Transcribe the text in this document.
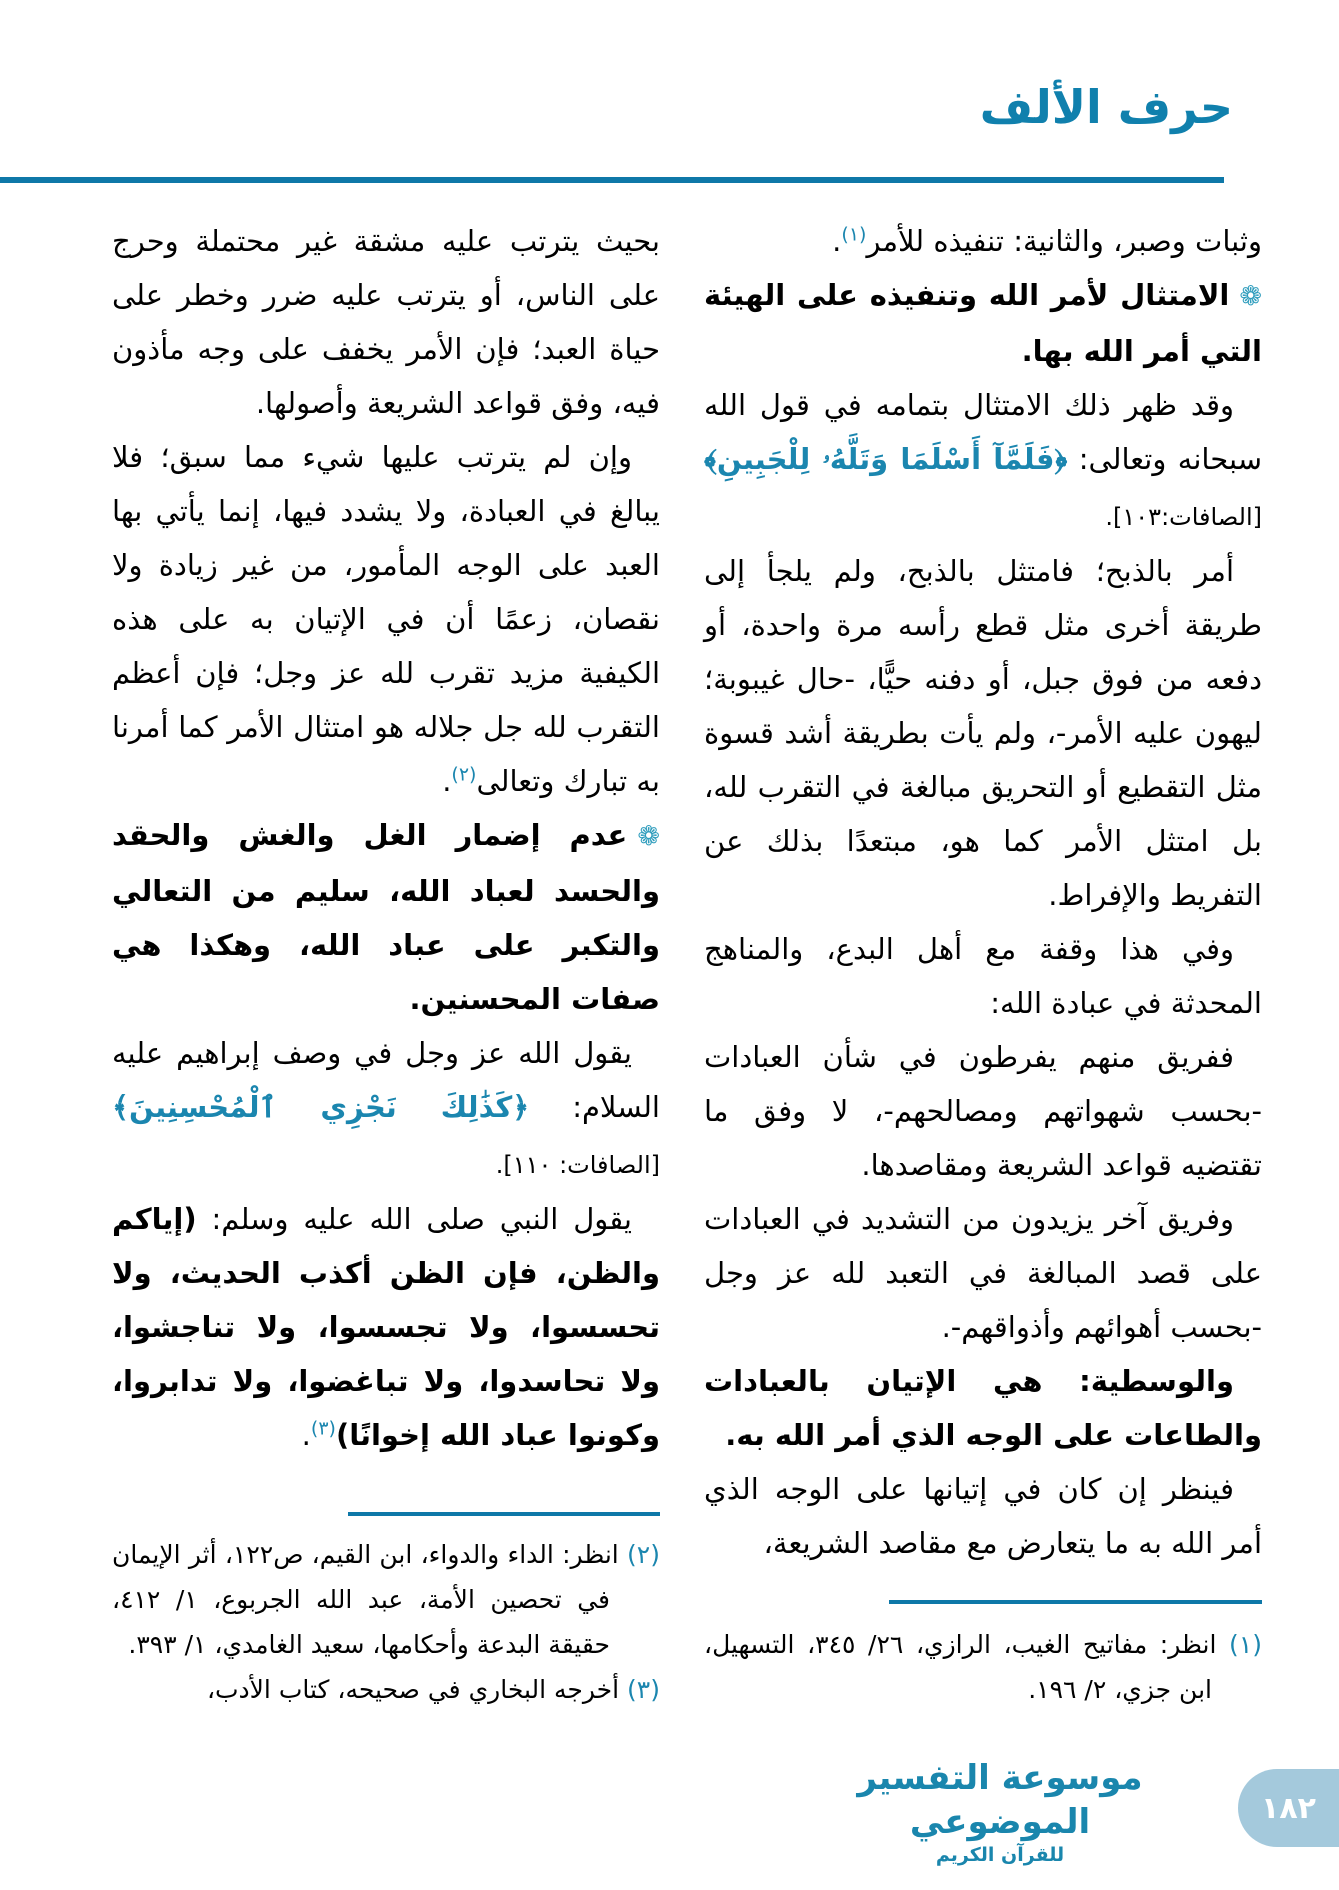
حرف الألف

وثبات وصبر، والثانية: تنفيذه للأمر$^{(١)}$.

❁الامتثال لأمر الله وتنفيذه على الهيئة التي أمر الله بها.

وقد ظهر ذلك الامتثال بتمامه في قول الله سبحانه وتعالى: ﴿فَلَمَّآ أَسْلَمَا وَتَلَّهُۥ لِلْجَبِينِ﴾ [الصافات:١٠٣].

أمر بالذبح؛ فامتثل بالذبح، ولم يلجأ إلى طريقة أخرى مثل قطع رأسه مرة واحدة، أو دفعه من فوق جبل، أو دفنه حيًّا، -حال غيبوبة؛ ليهون عليه الأمر-، ولم يأت بطريقة أشد قسوة مثل التقطيع أو التحريق مبالغة في التقرب لله، بل امتثل الأمر كما هو، مبتعدًا بذلك عن التفريط والإفراط.

وفي هذا وقفة مع أهل البدع، والمناهج المحدثة في عبادة الله:

ففريق منهم يفرطون في شأن العبادات -بحسب شهواتهم ومصالحهم-، لا وفق ما تقتضيه قواعد الشريعة ومقاصدها.

وفريق آخر يزيدون من التشديد في العبادات على قصد المبالغة في التعبد لله عز وجل -بحسب أهوائهم وأذواقهم-.

والوسطية: هي الإتيان بالعبادات والطاعات على الوجه الذي أمر الله به.

فينظر إن كان في إتيانها على الوجه الذي أمر الله به ما يتعارض مع مقاصد الشريعة،

(١) انظر: مفاتيح الغيب، الرازي، ٢٦/ ٣٤٥، التسهيل، ابن جزي، ٢/ ١٩٦.

بحيث يترتب عليه مشقة غير محتملة وحرج على الناس، أو يترتب عليه ضرر وخطر على حياة العبد؛ فإن الأمر يخفف على وجه مأذون فيه، وفق قواعد الشريعة وأصولها.

وإن لم يترتب عليها شيء مما سبق؛ فلا يبالغ في العبادة، ولا يشدد فيها، إنما يأتي بها العبد على الوجه المأمور، من غير زيادة ولا نقصان، زعمًا أن في الإتيان به على هذه الكيفية مزيد تقرب لله عز وجل؛ فإن أعظم التقرب لله جل جلاله هو امتثال الأمر كما أمرنا به تبارك وتعالى$^{(٢)}$.

❁عدم إضمار الغل والغش والحقد والحسد لعباد الله، سليم من التعالي والتكبر على عباد الله، وهكذا هي صفات المحسنين.

يقول الله عز وجل في وصف إبراهيم عليه السلام: ﴿كَذَٰلِكَ نَجْزِي ٱلْمُحْسِنِينَ﴾ [الصافات: ١١٠].

يقول النبي صلى الله عليه وسلم: (إياكم والظن، فإن الظن أكذب الحديث، ولا تحسسوا، ولا تجسسوا، ولا تناجشوا، ولا تحاسدوا، ولا تباغضوا، ولا تدابروا، وكونوا عباد الله إخوانًا)$^{(٣)}$.

(٢) انظر: الداء والدواء، ابن القيم، ص١٢٢، أثر الإيمان في تحصين الأمة، عبد الله الجربوع، ١/ ٤١٢، حقيقة البدعة وأحكامها، سعيد الغامدي، ١/ ٣٩٣.

(٣) أخرجه البخاري في صحيحه، كتاب الأدب،

موسوعة التفسير الموضوعي
للقرآن الكريم
١٨٢
